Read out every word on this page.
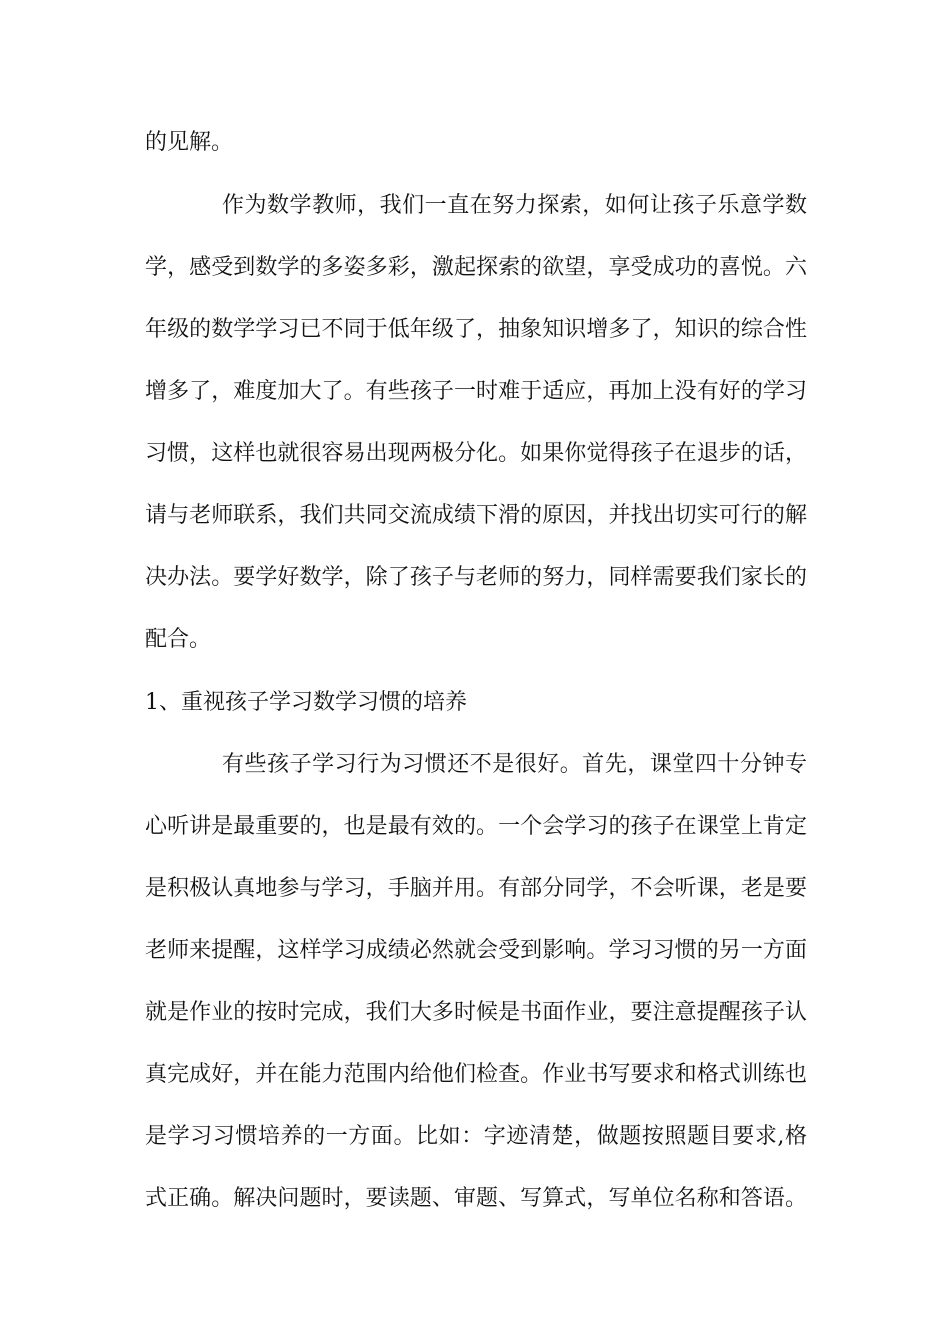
的见解。
作为数学教师，我们一直在努力探索，如何让孩子乐意学数
学，感受到数学的多姿多彩，激起探索的欲望，享受成功的喜悦。六
年级的数学学习已不同于低年级了，抽象知识增多了，知识的综合性
增多了，难度加大了。有些孩子一时难于适应，再加上没有好的学习
习惯，这样也就很容易出现两极分化。如果你觉得孩子在退步的话，
请与老师联系，我们共同交流成绩下滑的原因，并找出切实可行的解
决办法。要学好数学，除了孩子与老师的努力，同样需要我们家长的
配合。
1、重视孩子学习数学习惯的培养
有些孩子学习行为习惯还不是很好。首先，课堂四十分钟专
心听讲是最重要的，也是最有效的。一个会学习的孩子在课堂上肯定
是积极认真地参与学习，手脑并用。有部分同学，不会听课，老是要
老师来提醒，这样学习成绩必然就会受到影响。学习习惯的另一方面
就是作业的按时完成，我们大多时候是书面作业，要注意提醒孩子认
真完成好，并在能力范围内给他们检查。作业书写要求和格式训练也
是学习习惯培养的一方面。比如：字迹清楚，做题按照题目要求,格
式正确。解决问题时，要读题、审题、写算式，写单位名称和答语。
